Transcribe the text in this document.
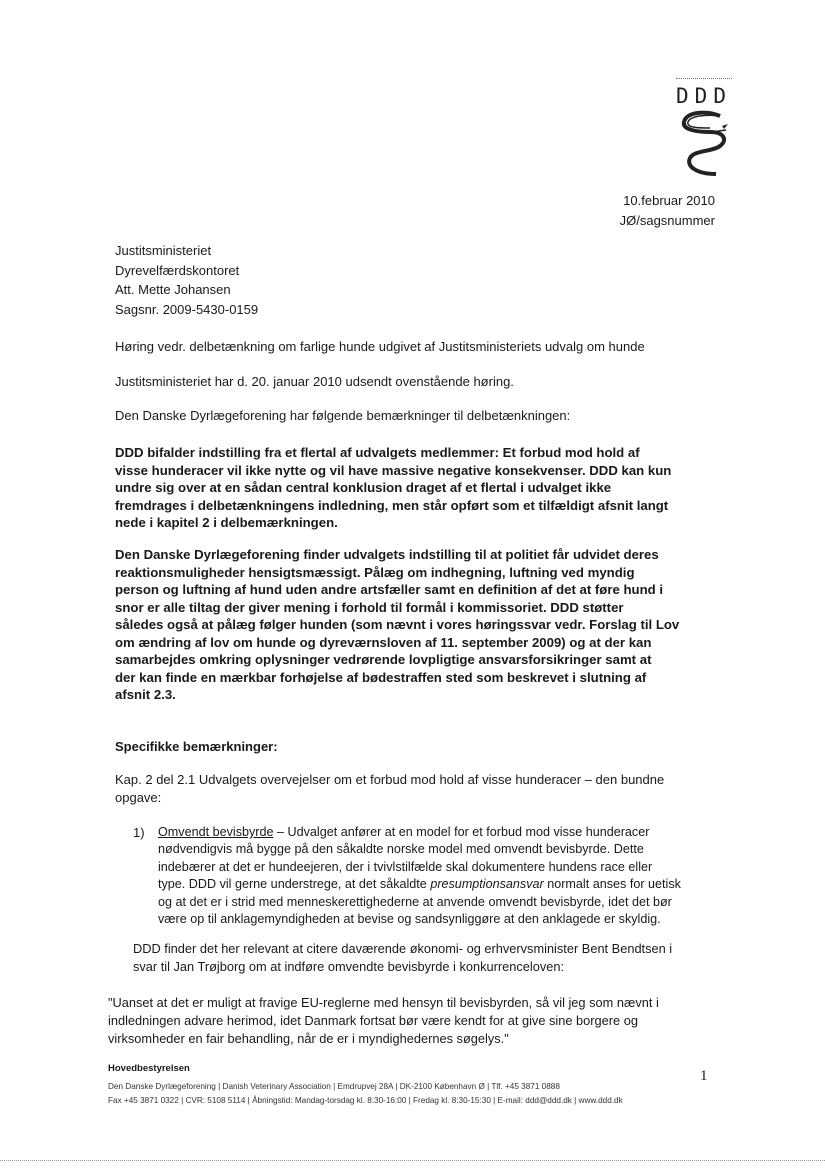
DDD
10.februar 2010
JØ/sagsnummer
Justitsministeriet
Dyrevelfærdskontoret
Att. Mette Johansen
Sagsnr. 2009-5430-0159
Høring vedr. delbetænkning om farlige hunde udgivet af Justitsministeriets udvalg om hunde
Justitsministeriet har d. 20. januar 2010 udsendt ovenstående høring.
Den Danske Dyrlægeforening har følgende bemærkninger til delbetænkningen:
DDD bifalder indstilling fra et flertal af udvalgets medlemmer: Et forbud mod hold af
visse hunderacer vil ikke nytte og vil have massive negative konsekvenser. DDD kan kun
undre sig over at en sådan central konklusion draget af et flertal i udvalget ikke
fremdrages i delbetænkningens indledning, men står opført som et tilfældigt afsnit langt
nede i kapitel 2 i delbemærkningen.
Den Danske Dyrlægeforening finder udvalgets indstilling til at politiet får udvidet deres
reaktionsmuligheder hensigtsmæssigt. Pålæg om indhegning, luftning ved myndig
person og luftning af hund uden andre artsfæller samt en definition af det at føre hund i
snor er alle tiltag der giver mening i forhold til formål i kommissoriet. DDD støtter
således også at pålæg følger hunden (som nævnt i vores høringssvar vedr. Forslag til Lov
om ændring af lov om hunde og dyreværnsloven af 11. september 2009) og at der kan
samarbejdes omkring oplysninger vedrørende lovpligtige ansvarsforsikringer samt at
der kan finde en mærkbar forhøjelse af bødestraffen sted som beskrevet i slutning af
afsnit 2.3.
Specifikke bemærkninger:
Kap. 2 del 2.1 Udvalgets overvejelser om et forbud mod hold af visse hunderacer – den bundne
opgave:
1) Omvendt bevisbyrde – Udvalget anfører at en model for et forbud mod visse hunderacer
nødvendigvis må bygge på den såkaldte norske model med omvendt bevisbyrde. Dette
indebærer at det er hundeejeren, der i tvivlstilfælde skal dokumentere hundens race eller
type. DDD vil gerne understrege, at det såkaldte presumptionsansvar normalt anses for uetisk
og at det er i strid med menneskerettighederne at anvende omvendt bevisbyrde, idet det bør
være op til anklagemyndigheden at bevise og sandsynliggøre at den anklagede er skyldig.
DDD finder det her relevant at citere daværende økonomi- og erhvervsminister Bent Bendtsen i
svar til Jan Trøjborg om at indføre omvendte bevisbyrde i konkurrenceloven:
"Uanset at det er muligt at fravige EU-reglerne med hensyn til bevisbyrden, så vil jeg som nævnt i
indledningen advare herimod, idet Danmark fortsat bør være kendt for at give sine borgere og
virksomheder en fair behandling, når de er i myndighedernes søgelys."
Hovedbestyrelsen	1
Den Danske Dyrlægeforening | Danish Veterinary Association | Emdrupvej 28A | DK-2100 København Ø | Tlf. +45 3871 0888
Fax +45 3871 0322 | CVR: 5108 5114 | Åbningstid: Mandag-torsdag kl. 8:30-16:00 | Fredag kl. 8:30-15:30 | E-mail: ddd@ddd.dk | www.ddd.dk
